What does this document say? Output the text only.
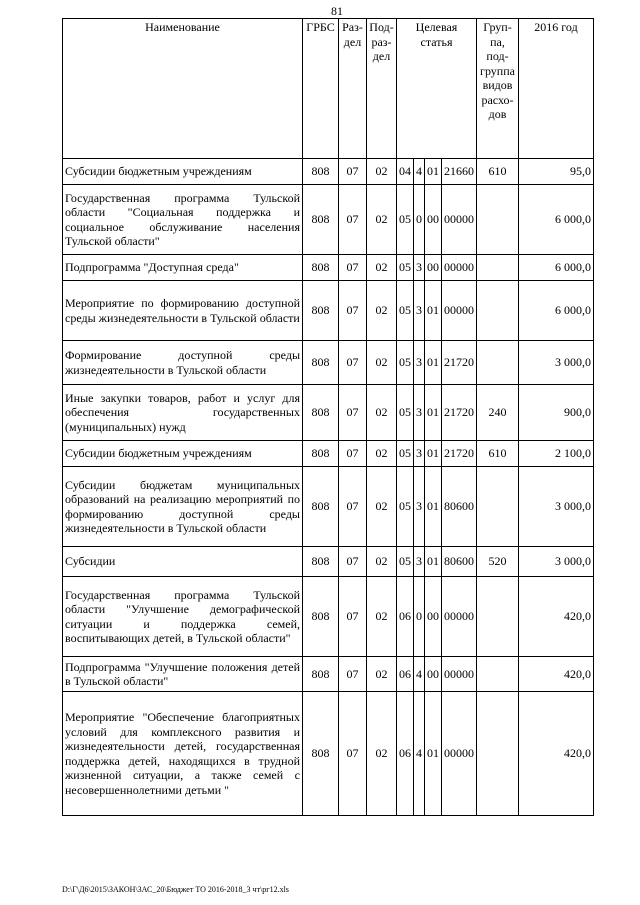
81
Наименование	ГРБС	Раз-дел	Под-раз-дел	Целевая статья				Груп-па, под-группа видов расхо-дов	2016 год
Субсидии бюджетным учреждениям	808	07	02	04	4	01	21660	610	95,0
Государственная программа Тульской области "Социальная поддержка и социальное обслуживание населения Тульской области"	808	07	02	05	0	00	00000		6 000,0
Подпрограмма "Доступная среда"	808	07	02	05	3	00	00000		6 000,0
Мероприятие по формированию доступной среды жизнедеятельности в Тульской области	808	07	02	05	3	01	00000		6 000,0
Формирование доступной среды жизнедеятельности в Тульской области	808	07	02	05	3	01	21720		3 000,0
Иные закупки товаров, работ и услуг для обеспечения государственных (муниципальных) нужд	808	07	02	05	3	01	21720	240	900,0
Субсидии бюджетным учреждениям	808	07	02	05	3	01	21720	610	2 100,0
Субсидии бюджетам муниципальных образований на реализацию мероприятий по формированию доступной среды жизнедеятельности в Тульской области	808	07	02	05	3	01	80600		3 000,0
Субсидии	808	07	02	05	3	01	80600	520	3 000,0
Государственная программа Тульской области "Улучшение демографической ситуации и поддержка семей, воспитывающих детей, в Тульской области"	808	07	02	06	0	00	00000		420,0
Подпрограмма "Улучшение положения детей в Тульской области"	808	07	02	06	4	00	00000		420,0
Мероприятие "Обеспечение благоприятных условий для комплексного развития и жизнедеятельности детей, государственная поддержка детей, находящихся в трудной жизненной ситуации, а также семей с несовершеннолетними детьми "	808	07	02	06	4	01	00000		420,0
D:\Г\Д6\2015\ЗАКОН\ЗАС_20\Бюджет ТО 2016-2018_3 чт\рг12.xls
